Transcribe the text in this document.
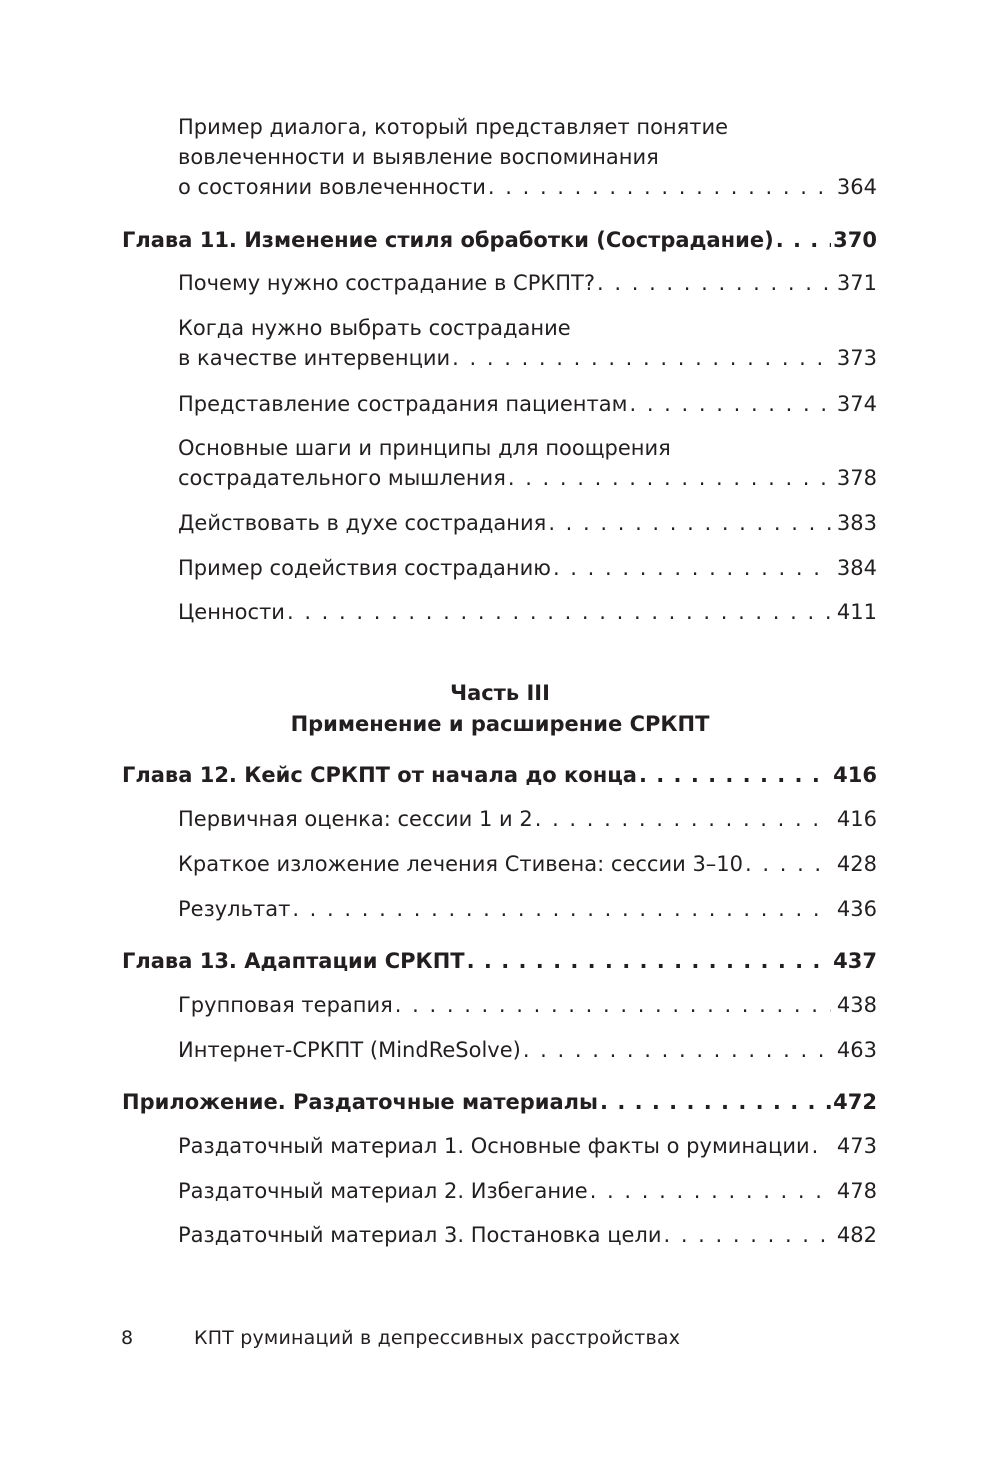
Пример диалога, который представляет понятие
вовлеченности и выявление воспоминания
о состоянии вовлеченности . . .	364
Глава 11. Изменение стиля обработки (Сострадание) . . .	370
Почему нужно сострадание в СРКПТ? . . .	371
Когда нужно выбрать сострадание
в качестве интервенции . . .	373
Представление сострадания пациентам . . .	374
Основные шаги и принципы для поощрения
сострадательного мышления . . .	378
Действовать в духе сострадания . . .	383
Пример содействия состраданию . . .	384
Ценности . . .	411
Часть III
Применение и расширение СРКПТ
Глава 12. Кейс СРКПТ от начала до конца . . .	416
Первичная оценка: сессии 1 и 2 . . .	416
Краткое изложение лечения Стивена: сессии 3–10 . . .	428
Результат . . .	436
Глава 13. Адаптации СРКПТ . . .	437
Групповая терапия . . .	438
Интернет-СРКПТ (MindReSolve) . . .	463
Приложение. Раздаточные материалы . . .	472
Раздаточный материал 1. Основные факты о руминации . . . 473
Раздаточный материал 2. Избегание . . .	478
Раздаточный материал 3. Постановка цели . . .	482
8	КПТ руминаций в депрессивных расстройствах
